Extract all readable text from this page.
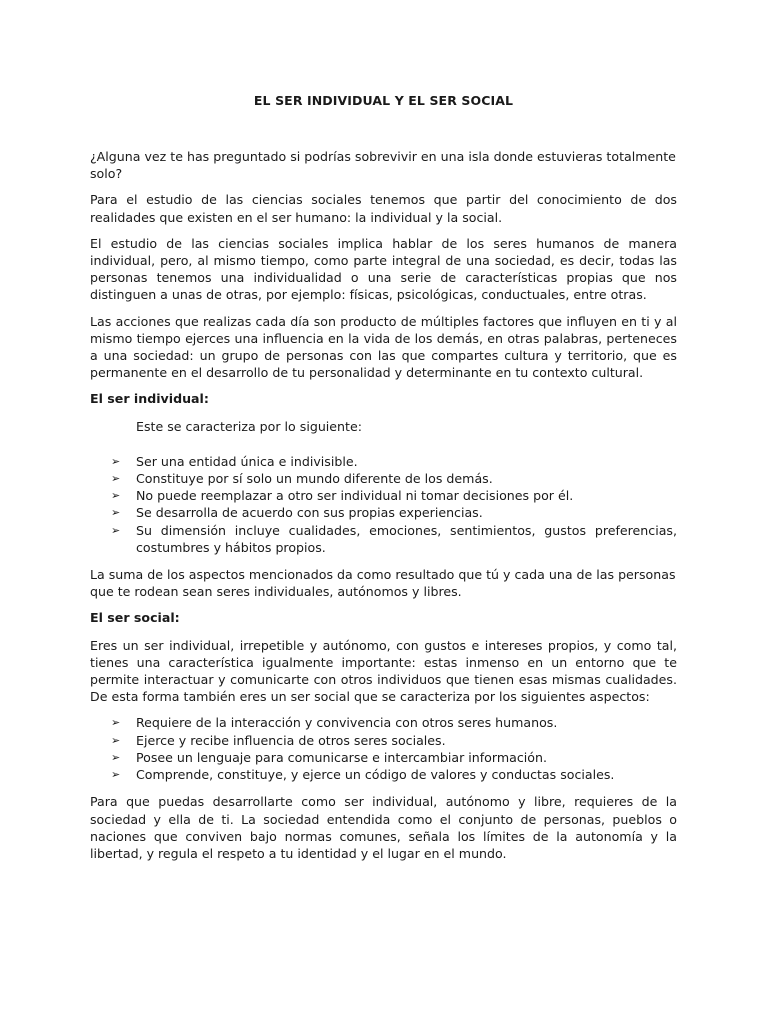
EL SER INDIVIDUAL Y EL SER SOCIAL

¿Alguna vez te has preguntado si podrías sobrevivir en una isla donde estuvieras totalmente solo?

Para el estudio de las ciencias sociales tenemos que partir del conocimiento de dos realidades que existen en el ser humano: la individual y la social.

El estudio de las ciencias sociales implica hablar de los seres humanos de manera individual, pero, al mismo tiempo, como parte integral de una sociedad, es decir, todas las personas tenemos una individualidad o una serie de características propias que nos distinguen a unas de otras, por ejemplo: físicas, psicológicas, conductuales, entre otras.

Las acciones que realizas cada día son producto de múltiples factores que influyen en ti y al mismo tiempo ejerces una influencia en la vida de los demás, en otras palabras, perteneces a una sociedad: un grupo de personas con las que compartes cultura y territorio, que es permanente en el desarrollo de tu personalidad y determinante en tu contexto cultural.

El ser individual:

Este se caracteriza por lo siguiente:

➢ Ser una entidad única e indivisible.
➢ Constituye por sí solo un mundo diferente de los demás.
➢ No puede reemplazar a otro ser individual ni tomar decisiones por él.
➢ Se desarrolla de acuerdo con sus propias experiencias.
➢ Su dimensión incluye cualidades, emociones, sentimientos, gustos preferencias, costumbres y hábitos propios.

La suma de los aspectos mencionados da como resultado que tú y cada una de las personas que te rodean sean seres individuales, autónomos y libres.

El ser social:

Eres un ser individual, irrepetible y autónomo, con gustos e intereses propios, y como tal, tienes una característica igualmente importante: estas inmenso en un entorno que te permite interactuar y comunicarte con otros individuos que tienen esas mismas cualidades. De esta forma también eres un ser social que se caracteriza por los siguientes aspectos:

➢ Requiere de la interacción y convivencia con otros seres humanos.
➢ Ejerce y recibe influencia de otros seres sociales.
➢ Posee un lenguaje para comunicarse e intercambiar información.
➢ Comprende, constituye, y ejerce un código de valores y conductas sociales.

Para que puedas desarrollarte como ser individual, autónomo y libre, requieres de la sociedad y ella de ti. La sociedad entendida como el conjunto de personas, pueblos o naciones que conviven bajo normas comunes, señala los límites de la autonomía y la libertad, y regula el respeto a tu identidad y el lugar en el mundo.
